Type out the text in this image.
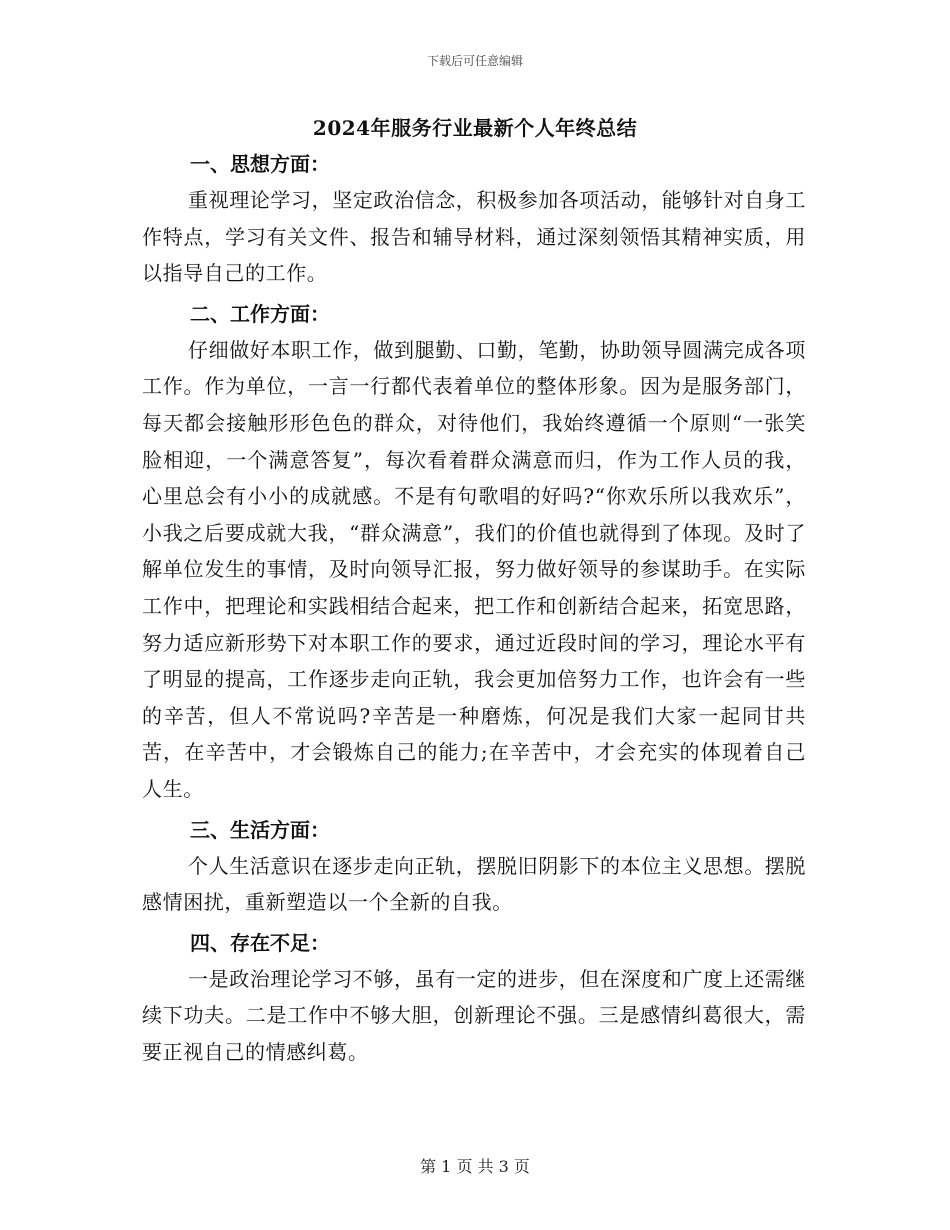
下载后可任意编辑
2024年服务行业最新个人年终总结
一、思想方面：

重视理论学习，坚定政治信念，积极参加各项活动，能够针对自身工作特点，学习有关文件、报告和辅导材料，通过深刻领悟其精神实质，用以指导自己的工作。

二、工作方面：

仔细做好本职工作，做到腿勤、口勤，笔勤，协助领导圆满完成各项工作。作为单位，一言一行都代表着单位的整体形象。因为是服务部门，每天都会接触形形色色的群众，对待他们，我始终遵循一个原则“一张笑脸相迎，一个满意答复”，每次看着群众满意而归，作为工作人员的我，心里总会有小小的成就感。不是有句歌唱的好吗?“你欢乐所以我欢乐”，小我之后要成就大我，“群众满意”，我们的价值也就得到了体现。及时了解单位发生的事情，及时向领导汇报，努力做好领导的参谋助手。在实际工作中，把理论和实践相结合起来，把工作和创新结合起来，拓宽思路，努力适应新形势下对本职工作的要求，通过近段时间的学习，理论水平有了明显的提高，工作逐步走向正轨，我会更加倍努力工作，也许会有一些的辛苦，但人不常说吗?辛苦是一种磨炼，何况是我们大家一起同甘共苦，在辛苦中，才会锻炼自己的能力;在辛苦中，才会充实的体现着自己人生。

三、生活方面：

个人生活意识在逐步走向正轨，摆脱旧阴影下的本位主义思想。摆脱感情困扰，重新塑造以一个全新的自我。

四、存在不足：

一是政治理论学习不够，虽有一定的进步，但在深度和广度上还需继续下功夫。二是工作中不够大胆，创新理论不强。三是感情纠葛很大，需要正视自己的情感纠葛。

第 1 页 共 3 页
